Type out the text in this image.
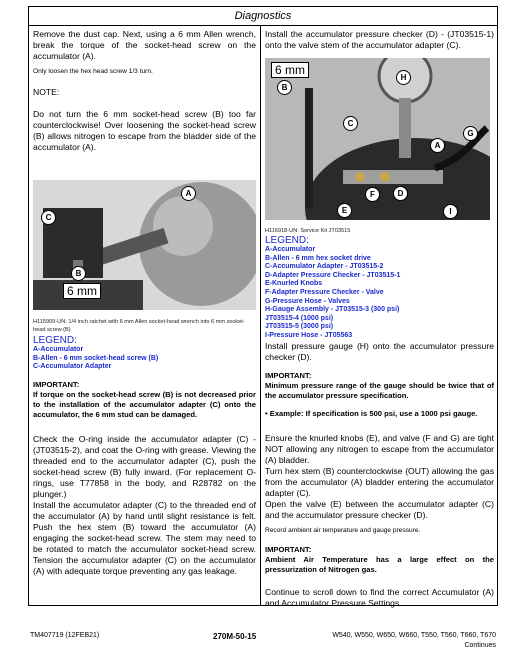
Diagnostics

Remove the dust cap. Next, using a 6 mm Allen wrench, break the torque of the socket-head screw on the accumulator (A).

Only loosen the hex head screw 1/3 turn.

NOTE:

Do not turn the 6 mm socket-head screw (B) too far counterclockwise! Over loosening the socket-head screw (B) allows nitrogen to escape from the bladder side of the accumulator (A).

A
C
B
6 mm

H115909-UN: 1/4 inch ratchet with 6 mm Allen socket-head wrench into 6 mm socket-head screw (B)

LEGEND:

A-Accumulator
B-Allen - 6 mm socket-head screw (B)
C-Accumulator Adapter

IMPORTANT:

If torque on the socket-head screw (B) is not decreased prior to the installation of the accumulator adapter (C) onto the accumulator, the 6 mm stud can be damaged.

Check the O-ring inside the accumulator adapter (C) - (JT03515-2), and coat the O-ring with grease. Viewing the threaded end to the accumulator adapter (C), push the socket-head screw (B) fully inward. (For replacement O-rings, use T77858 in the body, and R28782 on the plunger.)

Install the accumulator adapter (C) to the threaded end of the accumulator (A) by hand until slight resistance is felt. Push the hex stem (B) toward the accumulator (A) engaging the socket-head screw. The stem may need to be rotated to match the accumulator socket-head screw. Tension the accumulator adapter (C) on the accumulator (A) with adequate torque preventing any gas leakage.

Install the accumulator pressure checker (D) - (JT03515-1) onto the valve stem of the accumulator adapter (C).

6 mm
B
H
C
G
A
F	D
E	I

H116918-UN: Service Kit JT03515

LEGEND:

A-Accumulator
B-Allen - 6 mm hex socket drive
C-Accumulator Adapter - JT03515-2
D-Adapter Pressure Checker - JT03515-1
E-Knurled Knobs
F-Adapter Pressure Checker - Valve
G-Pressure Hose - Valves
H-Gauge Assembly - JT03515-3 (300 psi)
JT03515-4 (1000 psi)
JT03515-5 (3000 psi)
I-Pressure Hose - JT05563

Install pressure gauge (H) onto the accumulator pressure checker (D).

IMPORTANT:

Minimum pressure range of the gauge should be twice that of the accumulator pressure specification.

• Example: If specification is 500 psi, use a 1000 psi gauge.

Ensure the knurled knobs (E), and valve (F and G) are tight NOT allowing any nitrogen to escape from the accumulator (A) bladder.

Turn hex stem (B) counterclockwise (OUT) allowing the gas from the accumulator (A) bladder entering the accumulator adapter (C).

Open the valve (E) between the accumulator adapter (C) and the accumulator pressure checker (D).

Record ambient air temperature and gauge pressure.

IMPORTANT:

Ambient Air Temperature has a large effect on the pressurization of Nitrogen gas.

Continue to scroll down to find the correct Accumulator (A) and Accumulator Pressure Settings

TM407719 (12FEB21)	270M-50-15	W540, W550, W650, W660, T550, T560, T660, T670
Continues
